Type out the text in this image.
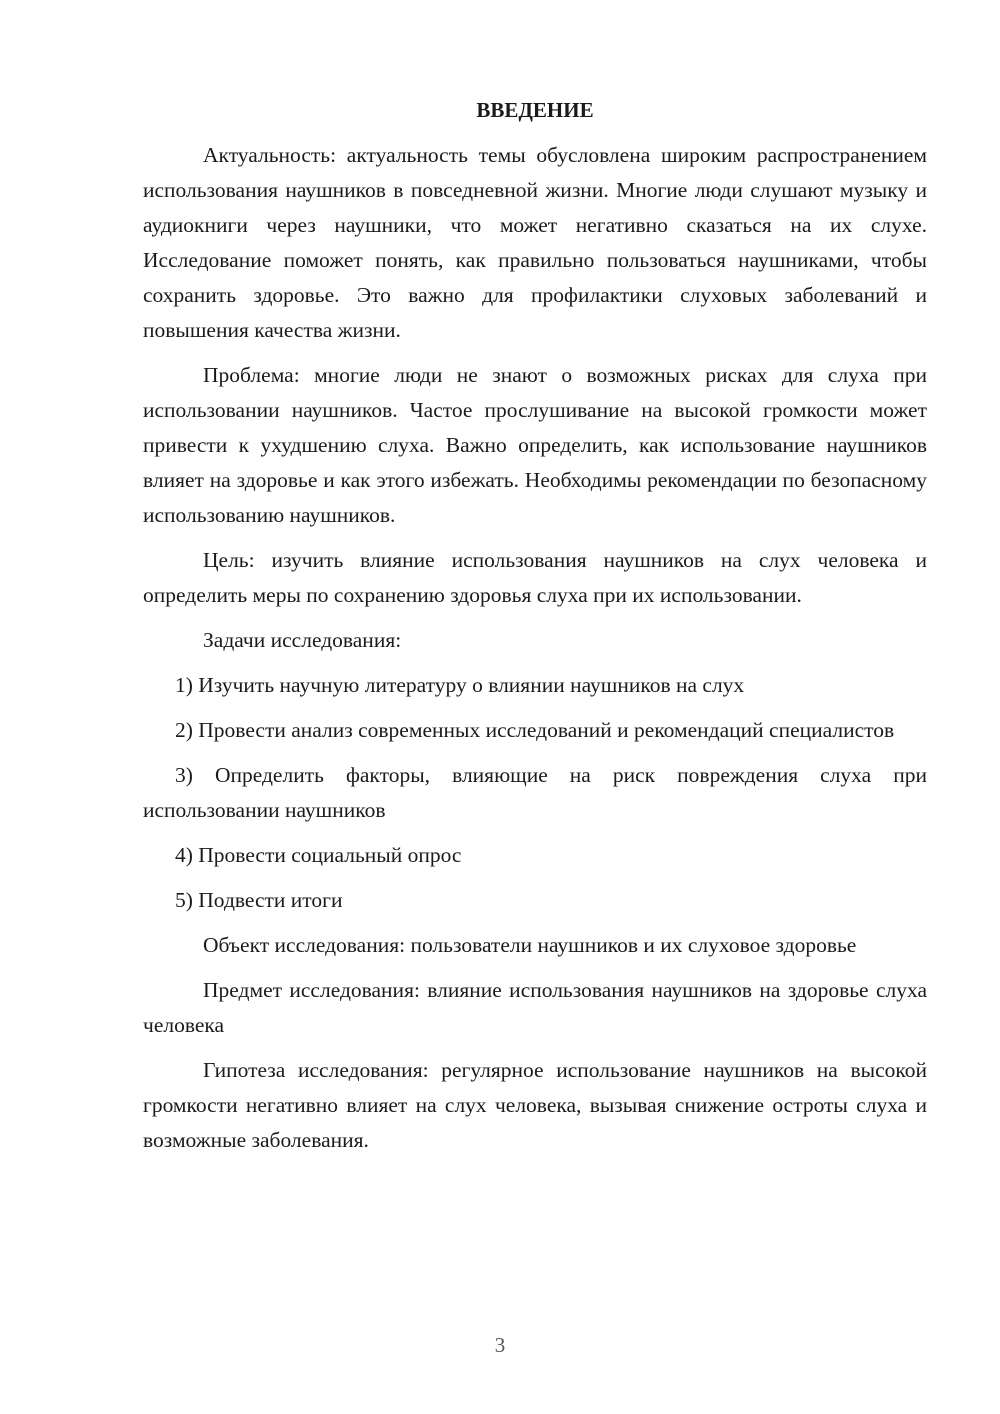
ВВЕДЕНИЕ

Актуальность: актуальность темы обусловлена широким распространением использования наушников в повседневной жизни. Многие люди слушают музыку и аудиокниги через наушники, что может негативно сказаться на их слухе. Исследование поможет понять, как правильно пользоваться наушниками, чтобы сохранить здоровье. Это важно для профилактики слуховых заболеваний и повышения качества жизни.

Проблема: многие люди не знают о возможных рисках для слуха при использовании наушников. Частое прослушивание на высокой громкости может привести к ухудшению слуха. Важно определить, как использование наушников влияет на здоровье и как этого избежать. Необходимы рекомендации по безопасному использованию наушников.

Цель: изучить влияние использования наушников на слух человека и определить меры по сохранению здоровья слуха при их использовании.

Задачи исследования:

1) Изучить научную литературу о влиянии наушников на слух

2) Провести анализ современных исследований и рекомендаций специалистов

3) Определить факторы, влияющие на риск повреждения слуха при использовании наушников

4) Провести социальный опрос

5) Подвести итоги

Объект исследования: пользователи наушников и их слуховое здоровье

Предмет исследования: влияние использования наушников на здоровье слуха человека

Гипотеза исследования: регулярное использование наушников на высокой громкости негативно влияет на слух человека, вызывая снижение остроты слуха и возможные заболевания.

3
